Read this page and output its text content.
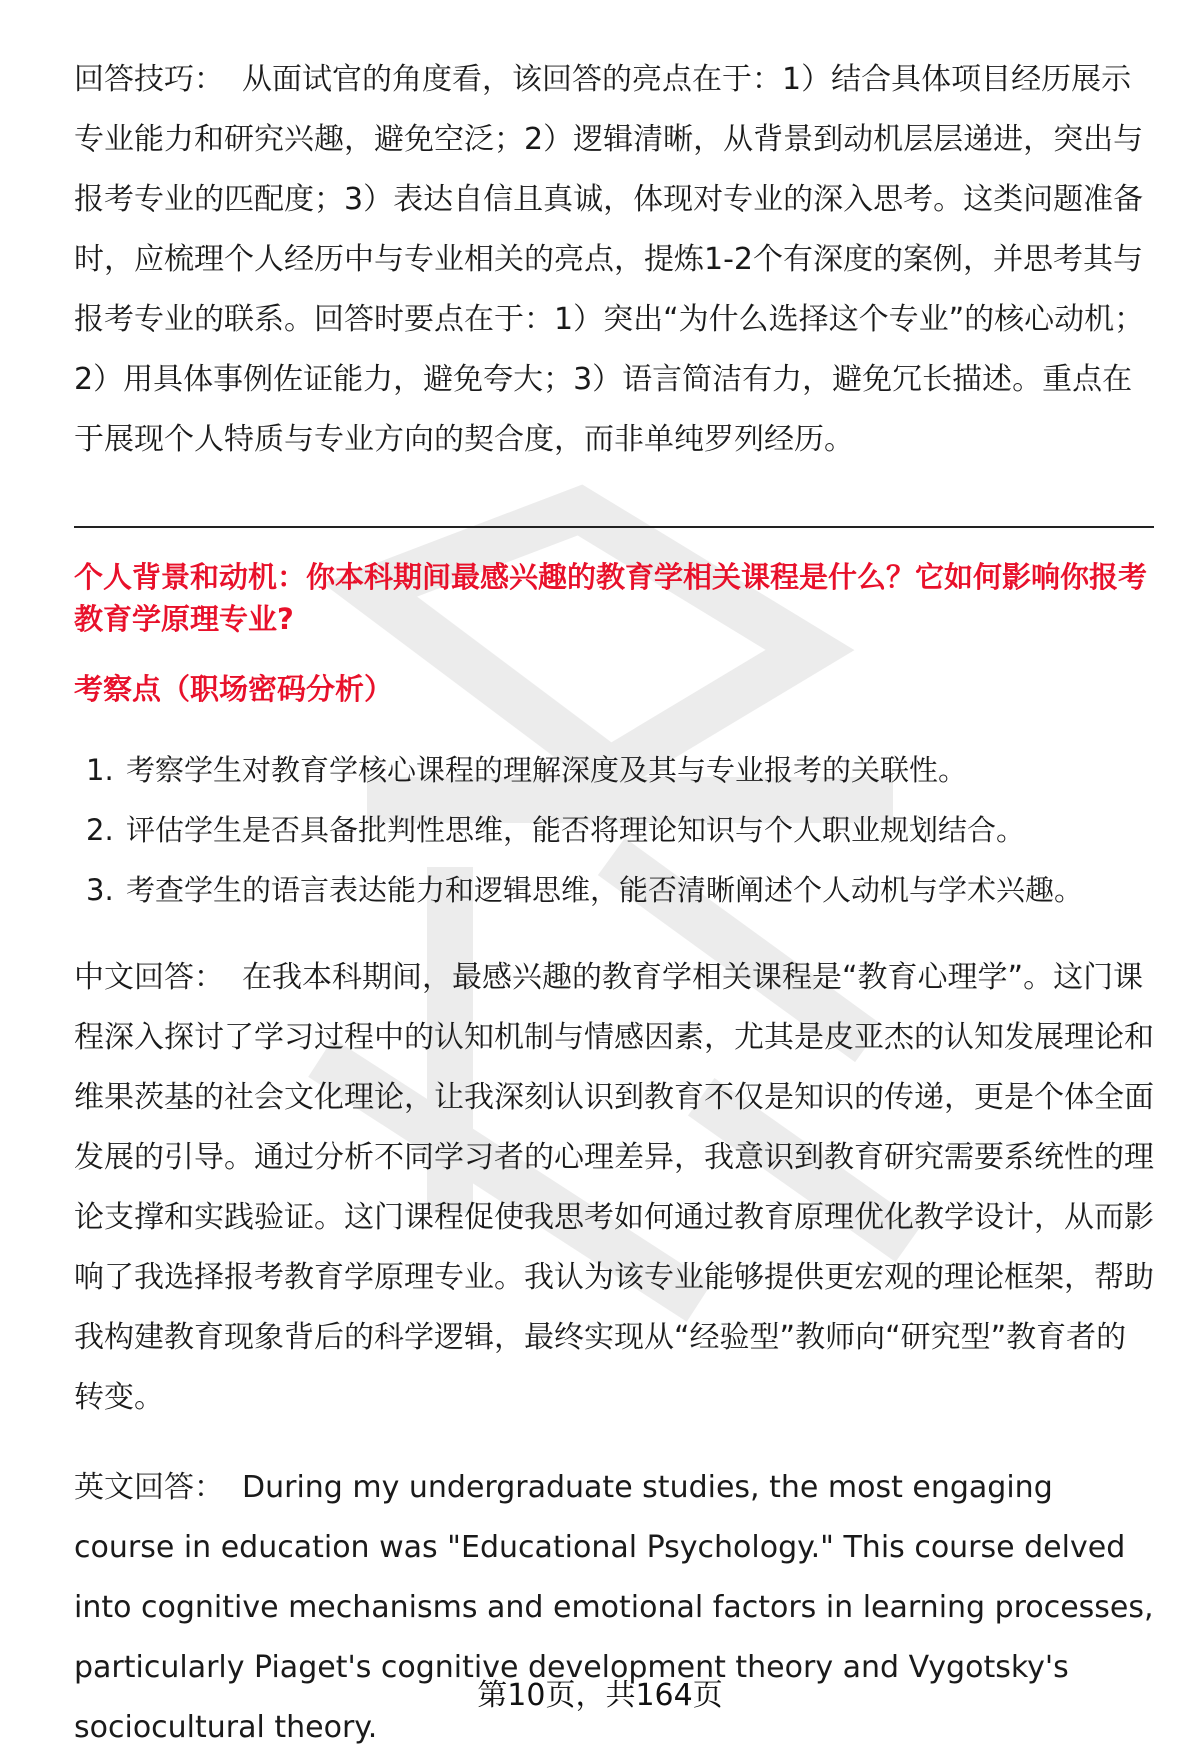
回答技巧： 从面试官的角度看，该回答的亮点在于：1）结合具体项目经历展示专业能力和研究兴趣，避免空泛；2）逻辑清晰，从背景到动机层层递进，突出与报考专业的匹配度；3）表达自信且真诚，体现对专业的深入思考。这类问题准备时，应梳理个人经历中与专业相关的亮点，提炼1-2个有深度的案例，并思考其与报考专业的联系。回答时要点在于：1）突出“为什么选择这个专业”的核心动机；2）用具体事例佐证能力，避免夸大；3）语言简洁有力，避免冗长描述。重点在于展现个人特质与专业方向的契合度，而非单纯罗列经历。

个人背景和动机：你本科期间最感兴趣的教育学相关课程是什么？它如何影响你报考教育学原理专业?
考察点（职场密码分析）
1. 考察学生对教育学核心课程的理解深度及其与专业报考的关联性。
2. 评估学生是否具备批判性思维，能否将理论知识与个人职业规划结合。
3. 考查学生的语言表达能力和逻辑思维，能否清晰阐述个人动机与学术兴趣。

中文回答： 在我本科期间，最感兴趣的教育学相关课程是“教育心理学”。这门课程深入探讨了学习过程中的认知机制与情感因素，尤其是皮亚杰的认知发展理论和维果茨基的社会文化理论，让我深刻认识到教育不仅是知识的传递，更是个体全面发展的引导。通过分析不同学习者的心理差异，我意识到教育研究需要系统性的理论支撑和实践验证。这门课程促使我思考如何通过教育原理优化教学设计，从而影响了我选择报考教育学原理专业。我认为该专业能够提供更宏观的理论框架，帮助我构建教育现象背后的科学逻辑，最终实现从“经验型”教师向“研究型”教育者的转变。

英文回答： During my undergraduate studies, the most engaging course in education was "Educational Psychology." This course delved into cognitive mechanisms and emotional factors in learning processes, particularly Piaget's cognitive development theory and Vygotsky's sociocultural theory.

第10页，共164页
